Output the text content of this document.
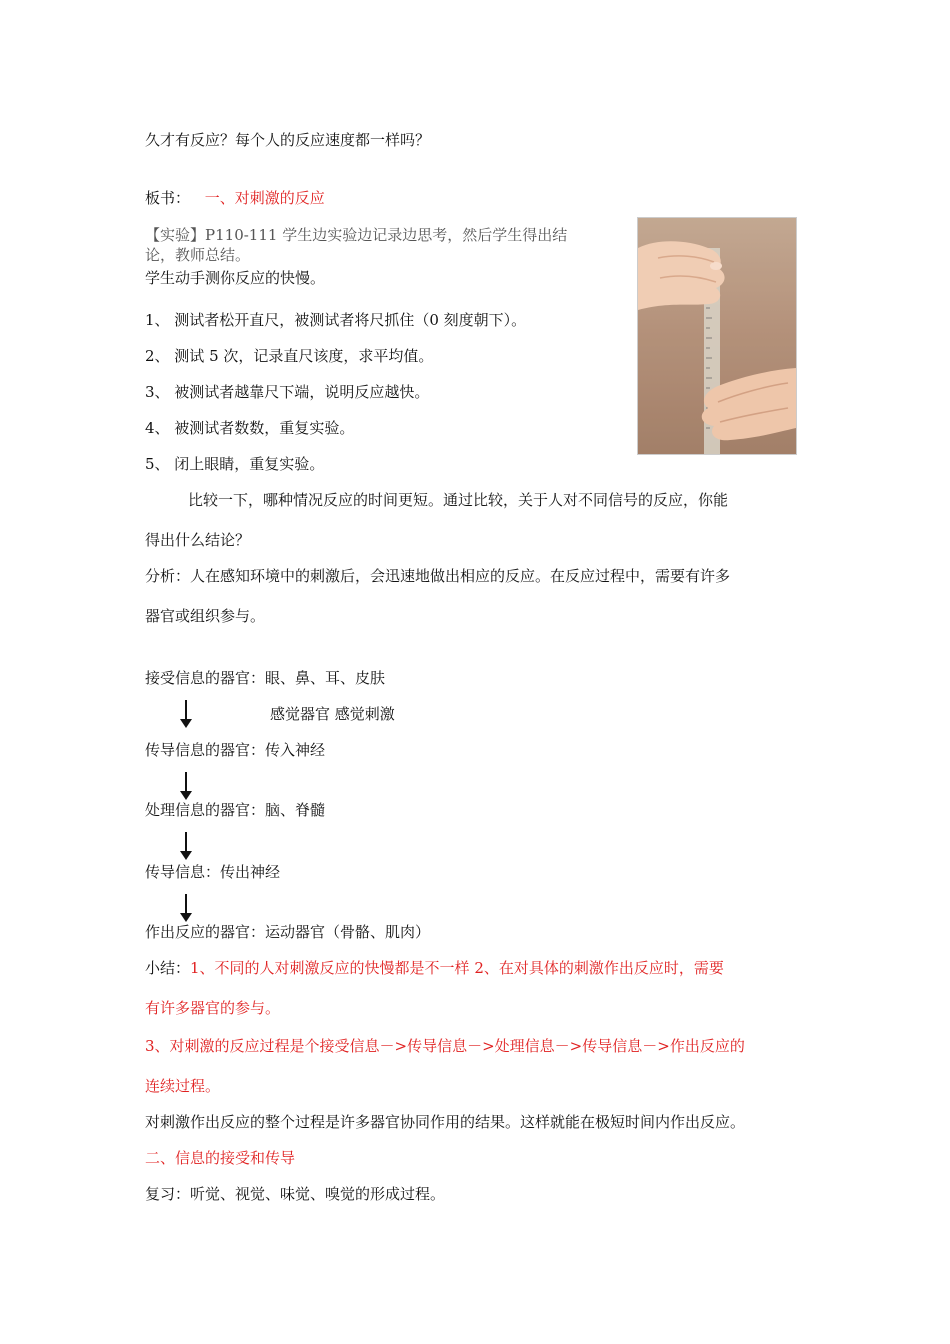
久才有反应？每个人的反应速度都一样吗？
板书： 一、对刺激的反应
【实验】P110-111 学生边实验边记录边思考，然后学生得出结
论，教师总结。
学生动手测你反应的快慢。
1、 测试者松开直尺，被测试者将尺抓住（0 刻度朝下）。
2、 测试 5 次，记录直尺该度，求平均值。
3、 被测试者越靠尺下端，说明反应越快。
4、 被测试者数数，重复实验。
5、 闭上眼睛，重复实验。
比较一下，哪种情况反应的时间更短。通过比较，关于人对不同信号的反应，你能
得出什么结论？
分析：人在感知环境中的刺激后，会迅速地做出相应的反应。在反应过程中，需要有许多
器官或组织参与。
接受信息的器官：眼、鼻、耳、皮肤
感觉器官 感觉刺激
传导信息的器官：传入神经
处理信息的器官：脑、脊髓
传导信息：传出神经
作出反应的器官：运动器官（骨骼、肌肉）
小结：1、不同的人对刺激反应的快慢都是不一样 2、在对具体的刺激作出反应时，需要
有许多器官的参与。
3、对刺激的反应过程是个接受信息－>传导信息－>处理信息－>传导信息－>作出反应的
连续过程。
对刺激作出反应的整个过程是许多器官协同作用的结果。这样就能在极短时间内作出反应。
二、信息的接受和传导
复习：听觉、视觉、味觉、嗅觉的形成过程。
